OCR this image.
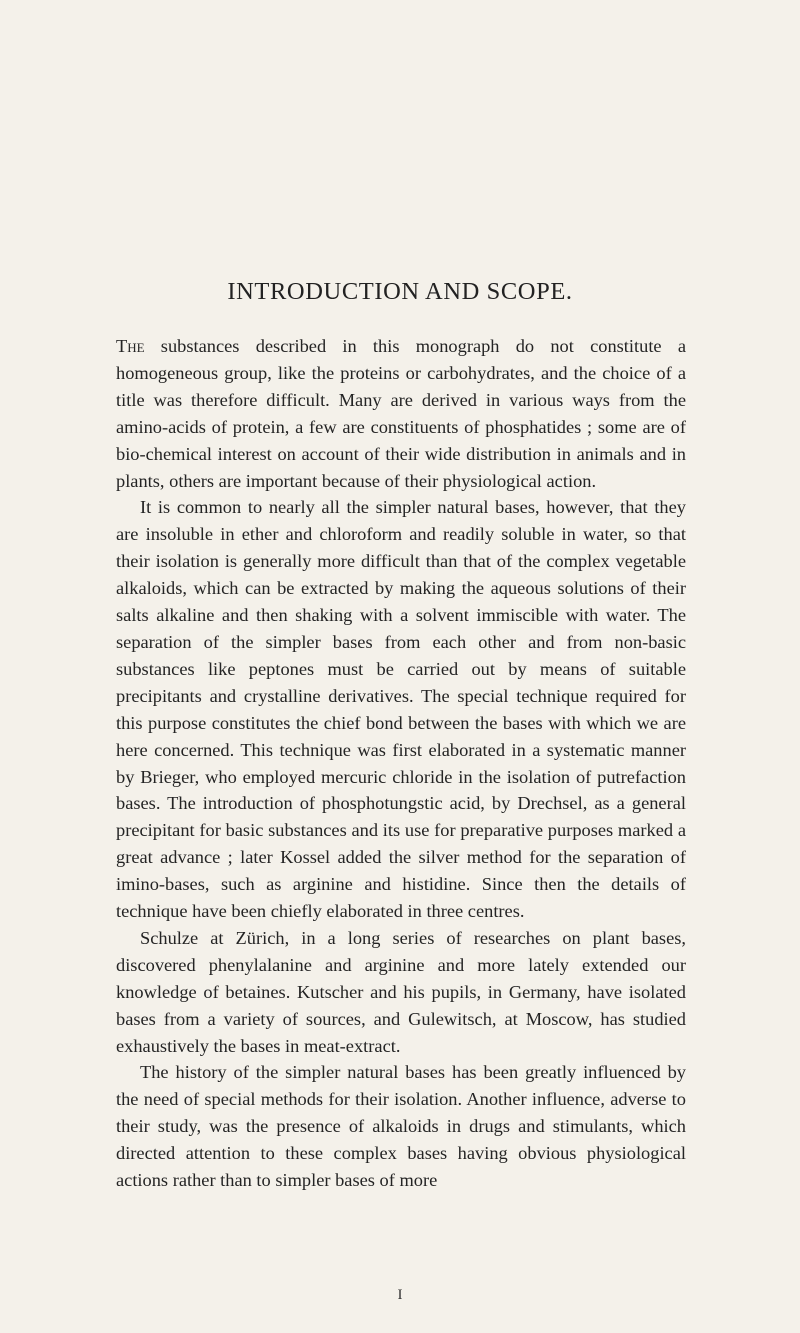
INTRODUCTION AND SCOPE.

The substances described in this monograph do not constitute a homogeneous group, like the proteins or carbohydrates, and the choice of a title was therefore difficult. Many are derived in various ways from the amino-acids of protein, a few are constituents of phosphatides ; some are of bio-chemical interest on account of their wide distribution in animals and in plants, others are important because of their physiological action.

It is common to nearly all the simpler natural bases, however, that they are insoluble in ether and chloroform and readily soluble in water, so that their isolation is generally more difficult than that of the complex vegetable alkaloids, which can be extracted by making the aqueous solutions of their salts alkaline and then shaking with a solvent immiscible with water. The separation of the simpler bases from each other and from non-basic substances like peptones must be carried out by means of suitable precipitants and crystalline derivatives. The special technique required for this purpose constitutes the chief bond between the bases with which we are here concerned. This technique was first elaborated in a systematic manner by Brieger, who employed mercuric chloride in the isolation of putrefaction bases. The introduction of phosphotungstic acid, by Drechsel, as a general precipitant for basic substances and its use for preparative purposes marked a great advance ; later Kossel added the silver method for the separation of imino-bases, such as arginine and histidine. Since then the details of technique have been chiefly elaborated in three centres.

Schulze at Zürich, in a long series of researches on plant bases, discovered phenylalanine and arginine and more lately extended our knowledge of betaines. Kutscher and his pupils, in Germany, have isolated bases from a variety of sources, and Gulewitsch, at Moscow, has studied exhaustively the bases in meat-extract.

The history of the simpler natural bases has been greatly influenced by the need of special methods for their isolation. Another influence, adverse to their study, was the presence of alkaloids in drugs and stimulants, which directed attention to these complex bases having obvious physiological actions rather than to simpler bases of more

I
